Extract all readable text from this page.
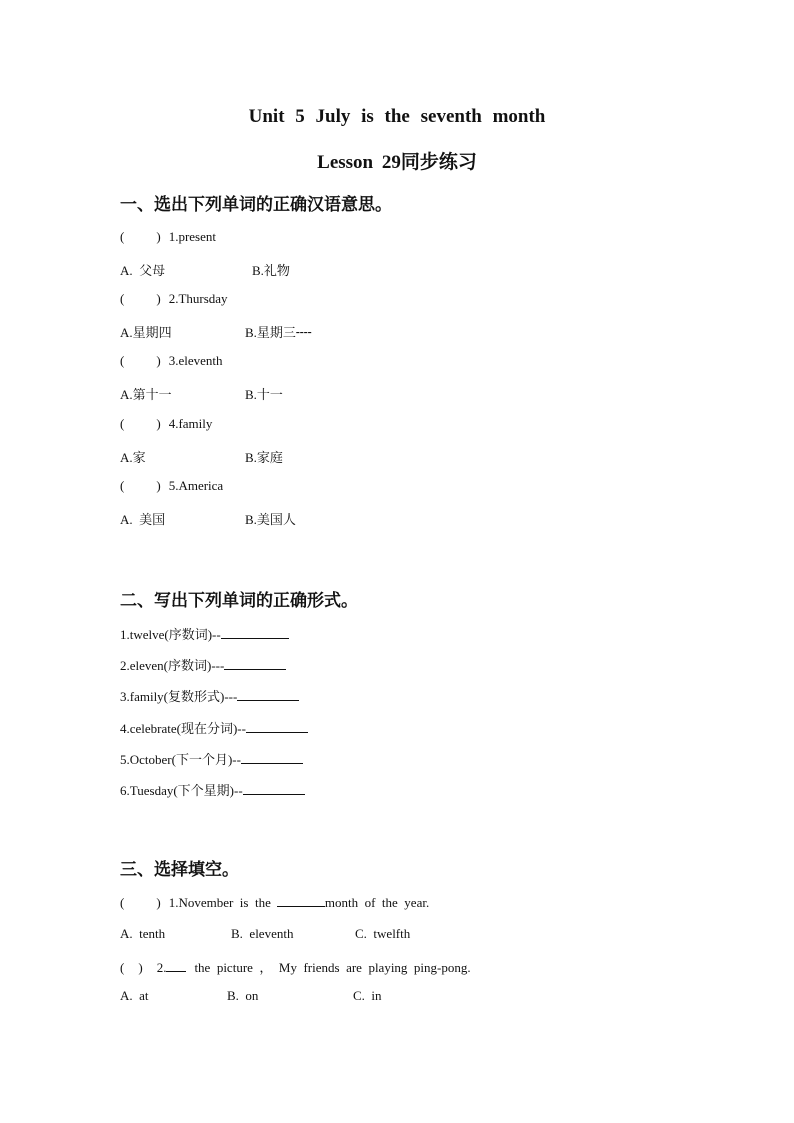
Unit 5 July is the seventh month
Lesson 29同步练习
一、选出下列单词的正确汉语意思。
( ) 1.present
A.  父母	B.礼物
( ) 2.Thursday
A.星期四	B.星期三╌╌
( ) 3.eleventh
A.第十一	B.十一
( ) 4.family
A.家	B.家庭
( ) 5.America
A.  美国	B.美国人
二、写出下列单词的正确形式。
1.twelve(序数词)--
2.eleven(序数词)---
3.family(复数形式)---
4.celebrate(现在分词)--
5.October(下一个月)--
6.Tuesday(下个星期)--
三、选择填空。
( ) 1.November  is  the	month  of  the  year.
A.  tenth	B.  eleventh	C.  twelfth
( ) 2. the  picture  ，  My  friends  are  playing  ping-pong.
A.  at	B.  on	C.  in
